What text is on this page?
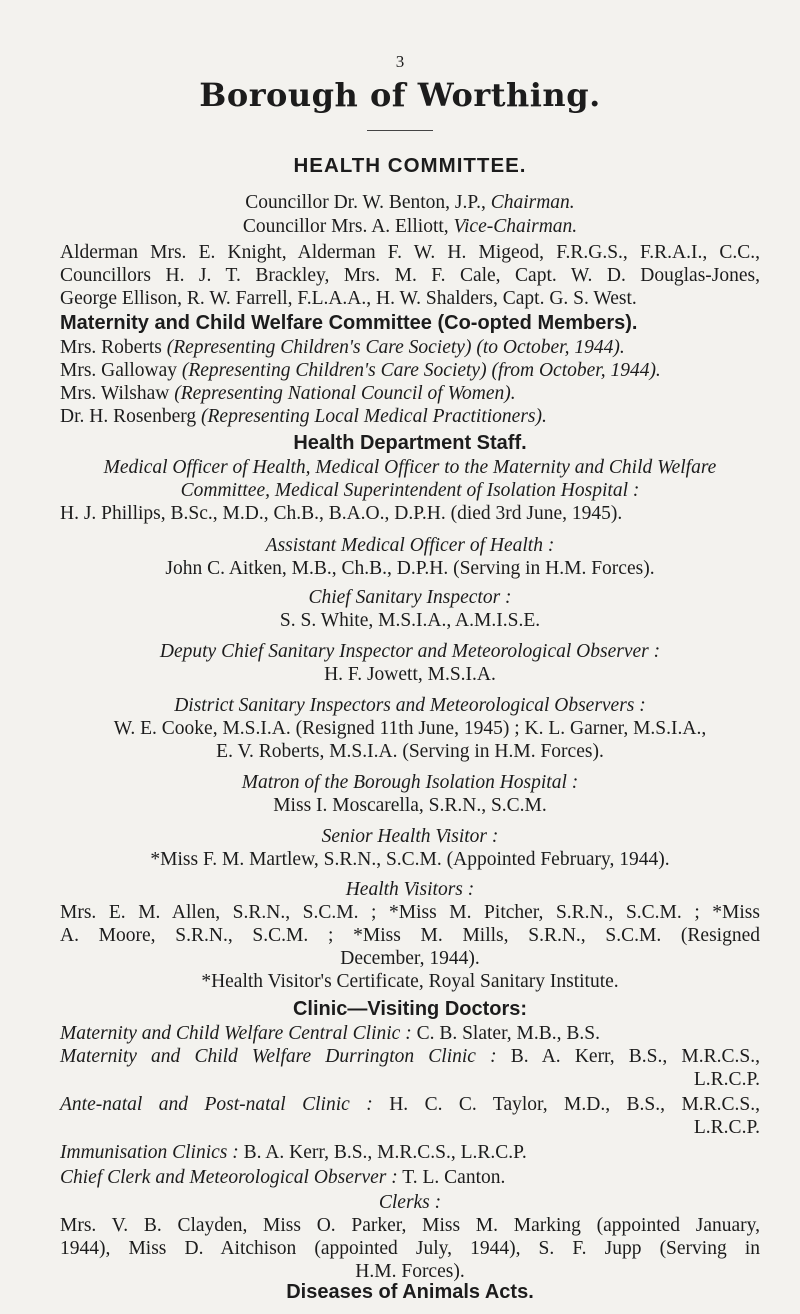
3
Borough of Worthing.
HEALTH COMMITTEE.
Councillor Dr. W. Benton, J.P., Chairman.
Councillor Mrs. A. Elliott, Vice-Chairman.
Alderman Mrs. E. Knight, Alderman F. W. H. Migeod, F.R.G.S., F.R.A.I., C.C.,
Councillors H. J. T. Brackley, Mrs. M. F. Cale, Capt. W. D. Douglas-Jones,
George Ellison, R. W. Farrell, F.L.A.A., H. W. Shalders, Capt. G. S. West.
Maternity and Child Welfare Committee (Co-opted Members).
Mrs. Roberts (Representing Children's Care Society) (to October, 1944).
Mrs. Galloway (Representing Children's Care Society) (from October, 1944).
Mrs. Wilshaw (Representing National Council of Women).
Dr. H. Rosenberg (Representing Local Medical Practitioners).
Health Department Staff.
Medical Officer of Health, Medical Officer to the Maternity and Child Welfare
Committee, Medical Superintendent of Isolation Hospital :
H. J. Phillips, B.Sc., M.D., Ch.B., B.A.O., D.P.H. (died 3rd June, 1945).
Assistant Medical Officer of Health :
John C. Aitken, M.B., Ch.B., D.P.H. (Serving in H.M. Forces).
Chief Sanitary Inspector :
S. S. White, M.S.I.A., A.M.I.S.E.
Deputy Chief Sanitary Inspector and Meteorological Observer :
H. F. Jowett, M.S.I.A.
District Sanitary Inspectors and Meteorological Observers :
W. E. Cooke, M.S.I.A. (Resigned 11th June, 1945) ; K. L. Garner, M.S.I.A.,
E. V. Roberts, M.S.I.A. (Serving in H.M. Forces).
Matron of the Borough Isolation Hospital :
Miss I. Moscarella, S.R.N., S.C.M.
Senior Health Visitor :
*Miss F. M. Martlew, S.R.N., S.C.M. (Appointed February, 1944).
Health Visitors :
Mrs. E. M. Allen, S.R.N., S.C.M. ; *Miss M. Pitcher, S.R.N., S.C.M. ; *Miss
A. Moore, S.R.N., S.C.M. ; *Miss M. Mills, S.R.N., S.C.M. (Resigned
December, 1944).
*Health Visitor's Certificate, Royal Sanitary Institute.
Clinic—Visiting Doctors:
Maternity and Child Welfare Central Clinic : C. B. Slater, M.B., B.S.
Maternity and Child Welfare Durrington Clinic : B. A. Kerr, B.S., M.R.C.S.,
L.R.C.P.
Ante-natal and Post-natal Clinic : H. C. C. Taylor, M.D., B.S., M.R.C.S.,
L.R.C.P.
Immunisation Clinics : B. A. Kerr, B.S., M.R.C.S., L.R.C.P.
Chief Clerk and Meteorological Observer : T. L. Canton.
Clerks :
Mrs. V. B. Clayden, Miss O. Parker, Miss M. Marking (appointed January,
1944), Miss D. Aitchison (appointed July, 1944), S. F. Jupp (Serving in
H.M. Forces).
Diseases of Animals Acts.
